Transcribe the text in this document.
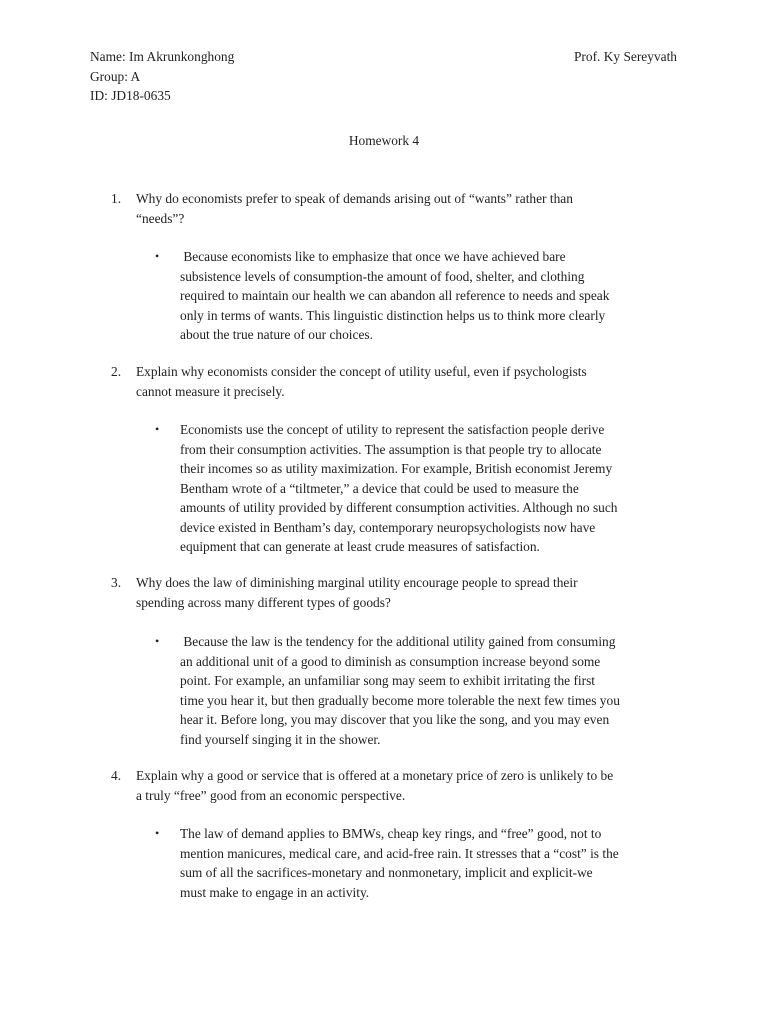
Name: Im Akrunkonghong
Group: A
ID: JD18-0635
Prof. Ky Sereyvath
Homework 4
1. Why do economists prefer to speak of demands arising out of “wants” rather than
“needs”?
• Because economists like to emphasize that once we have achieved bare
subsistence levels of consumption-the amount of food, shelter, and clothing
required to maintain our health we can abandon all reference to needs and speak
only in terms of wants. This linguistic distinction helps us to think more clearly
about the true nature of our choices.
2. Explain why economists consider the concept of utility useful, even if psychologists
cannot measure it precisely.
• Economists use the concept of utility to represent the satisfaction people derive
from their consumption activities. The assumption is that people try to allocate
their incomes so as utility maximization. For example, British economist Jeremy
Bentham wrote of a “tiltmeter,” a device that could be used to measure the
amounts of utility provided by different consumption activities. Although no such
device existed in Bentham’s day, contemporary neuropsychologists now have
equipment that can generate at least crude measures of satisfaction.
3. Why does the law of diminishing marginal utility encourage people to spread their
spending across many different types of goods?
• Because the law is the tendency for the additional utility gained from consuming
an additional unit of a good to diminish as consumption increase beyond some
point. For example, an unfamiliar song may seem to exhibit irritating the first
time you hear it, but then gradually become more tolerable the next few times you
hear it. Before long, you may discover that you like the song, and you may even
find yourself singing it in the shower.
4. Explain why a good or service that is offered at a monetary price of zero is unlikely to be
a truly “free” good from an economic perspective.
• The law of demand applies to BMWs, cheap key rings, and “free” good, not to
mention manicures, medical care, and acid-free rain. It stresses that a “cost” is the
sum of all the sacrifices-monetary and nonmonetary, implicit and explicit-we
must make to engage in an activity.
